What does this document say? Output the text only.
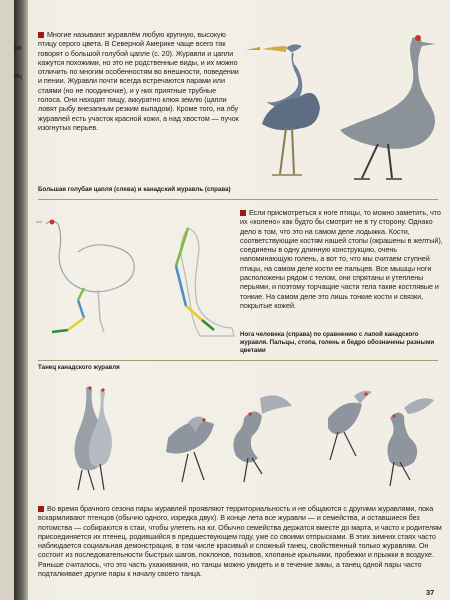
ов
иц
Многие называют журавлём любую крупную, высокую птицу серого цвета. В Северной Америке чаще всего так говорят о большой голубой цапле (с. 20). Журавли и цапли кажутся похожими, но это не родственные виды, и их можно отличить по многим особенностям во внешности, поведении и пении. Журавли почти всегда встречаются парами или стаями (но не поодиночке), и у них приятные трубные голоса. Они находят пищу, аккуратно клюя землю (цапли ловят рыбу внезапным резким выпадом). Кроме того, на лбу журавлей есть участок красной кожи, а над хвостом — пучок изогнутых перьев.
Большая голубая цапля (слева) и канадский журавль (справа)
Если присмотреться к ноге птицы, то можно заметить, что их «колено» как будто бы смотрит не в ту сторону. Однако дело в том, что это на самом деле лодыжка. Кости, соответствующие костям нашей стопы (окрашены в желтый), соединены в одну длинную конструкцию, очень напоминающую голень, а вот то, что мы считаем ступней птицы, на самом деле кости ее пальцев. Все мышцы ноги расположены рядом с телом, они спрятаны и утеплены перьями, и поэтому торчащие части тела такие костлявые и тонкие. На самом деле это лишь тонкие кости и связки, покрытые кожей.
Нога человека (справа) по сравнению с лапой канадского журавля. Пальцы, стопа, голень и бедро обозначены разными цветами
Танец канадского журавля
Во время брачного сезона пары журавлей проявляют территориальность и не общаются с другими журавлями, пока вскармливают птенцов (обычно одного, изредка двух). В конце лета все журавли — и семейства, и оставшиеся без потомства — собираются в стаи, чтобы улететь на юг. Обычно семейства держатся вместе до марта, и часто к родителям присоединяется их птенец, родившийся в предшествующем году, уже со своими отпрысками. В этих зимних стаях часто наблюдается социальная демонстрация, в том числе красивый и сложный танец, свойственный только журавлям. Он состоит из последовательности быстрых шагов, поклонов, позывов, хлопанье крыльями, пробежки и прыжки в воздухе. Раньше считалось, что это часть ухаживания, но танцы можно увидеть и в течение зимы, а танец одной пары часто подталкивает другие пары к началу своего танца.
37
